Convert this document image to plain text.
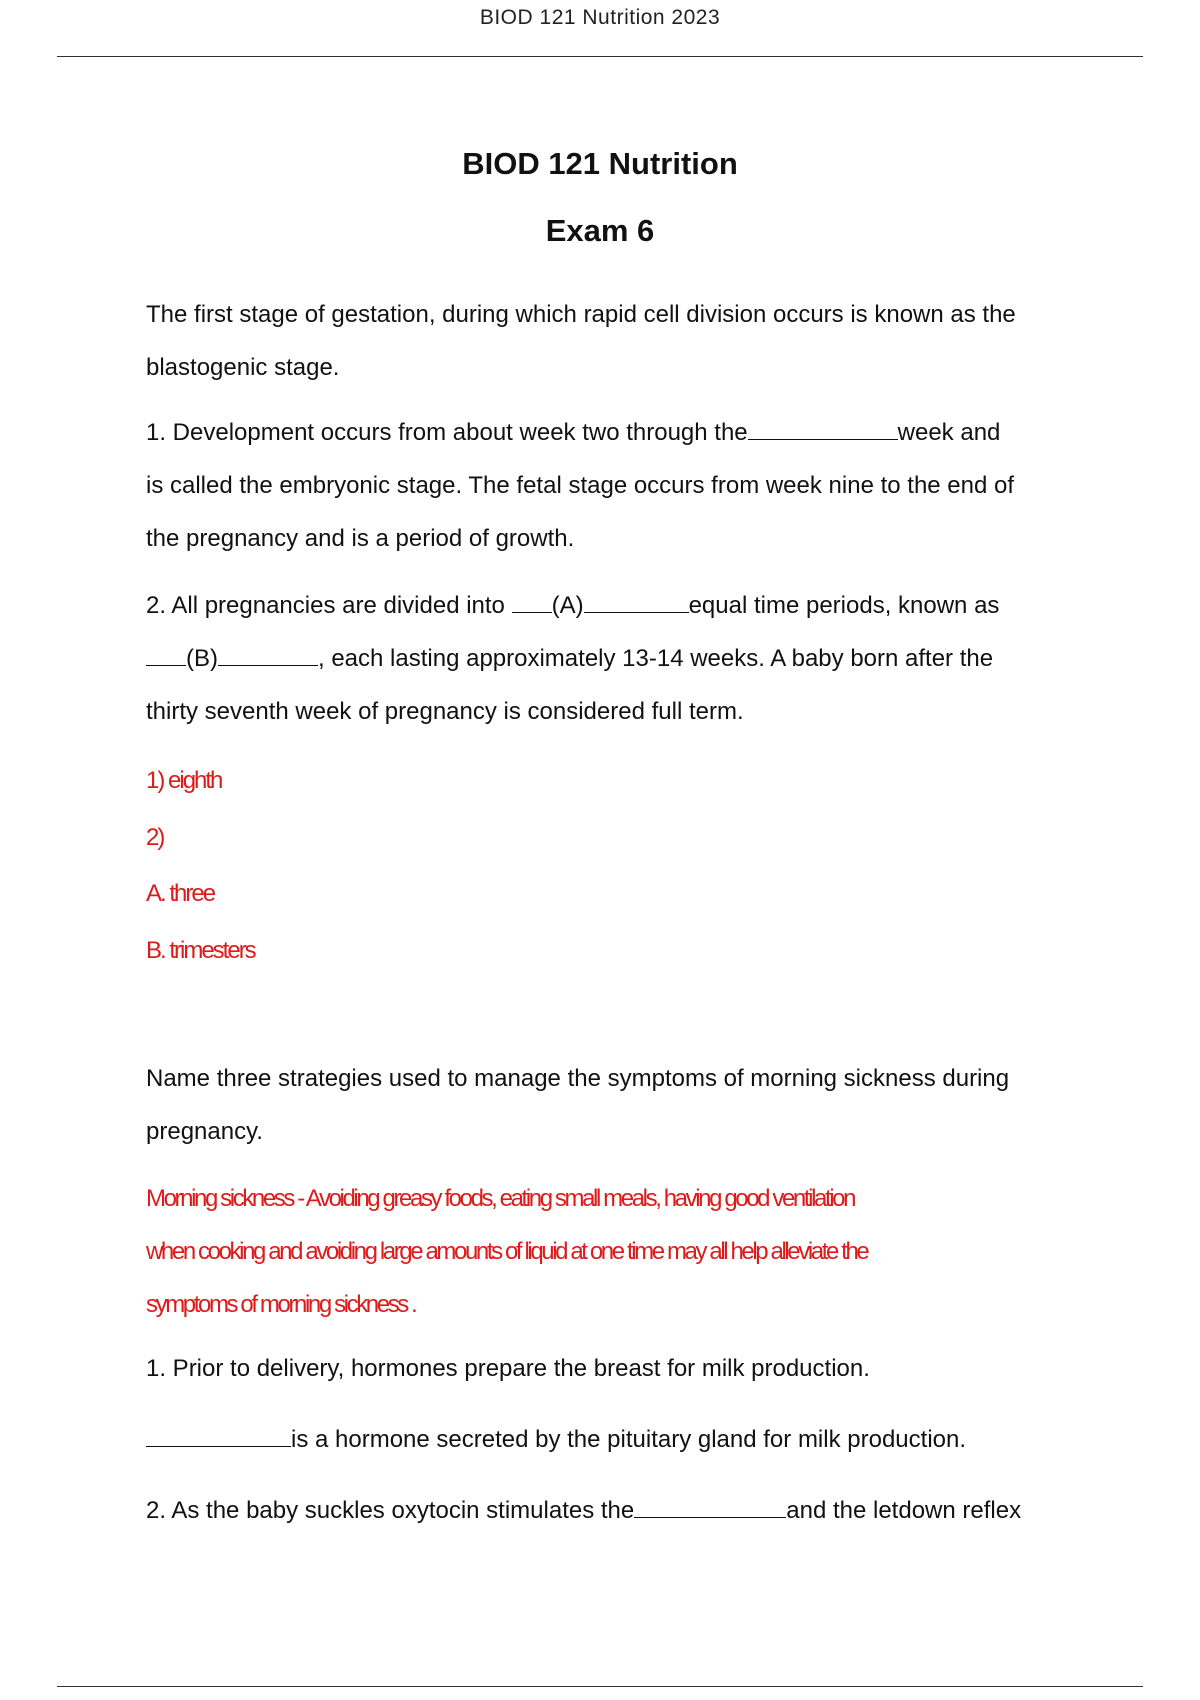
BIOD 121 Nutrition 2023
BIOD 121 Nutrition
Exam 6
The first stage of gestation, during which rapid cell division occurs is known as the
blastogenic stage.
1. Development occurs from about week two through the	week and
is called the embryonic stage. The fetal stage occurs from week nine to the end of
the pregnancy and is a period of growth.
2. All pregnancies are divided into (A)	equal time periods, known as
(B)	, each lasting approximately 13-14 weeks. A baby born after the
thirty seventh week of pregnancy is considered full term.
1) eighth
2)
A. three
B. trimesters
Name three strategies used to manage the symptoms of morning sickness during
pregnancy.
Morning sickness - Avoiding greasy foods, eating small meals, having good ventilation
when cooking and avoiding large amounts of liquid at one time may all help alleviate the
symptoms of morning sickness .
1. Prior to delivery, hormones prepare the breast for milk production.
is a hormone secreted by the pituitary gland for milk production.
2. As the baby suckles oxytocin stimulates the	and the letdown reflex
